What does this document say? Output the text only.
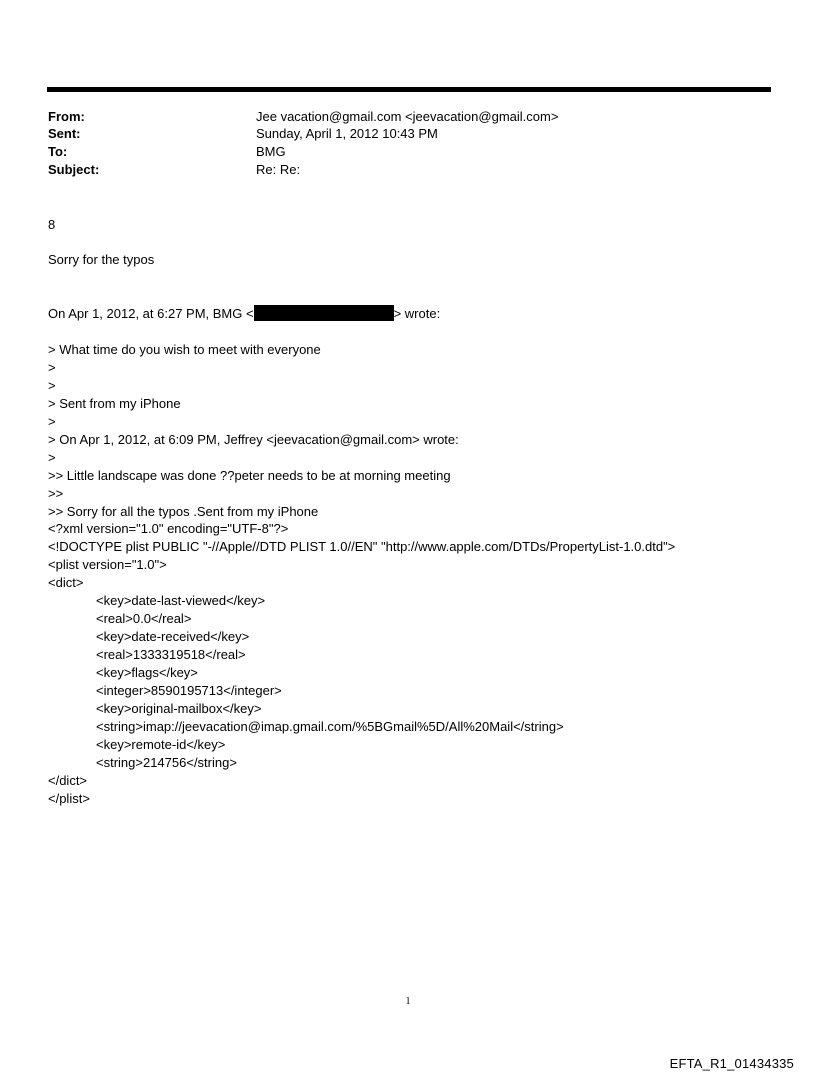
From:	Jee vacation@gmail.com <jeevacation@gmail.com>
Sent:	Sunday, April 1, 2012 10:43 PM
To:	BMG
Subject:	Re: Re:
8
Sorry for the typos
On Apr 1, 2012, at 6:27 PM, BMG <	> wrote:
> What time do you wish to meet with everyone
>
>
> Sent from my iPhone
>
> On Apr 1, 2012, at 6:09 PM, Jeffrey <jeevacation@gmail.com> wrote:
>
>> Little landscape was done ??peter needs to be at morning meeting
>>
>> Sorry for all the typos .Sent from my iPhone
<?xml version="1.0" encoding="UTF-8"?>
<!DOCTYPE plist PUBLIC "-//Apple//DTD PLIST 1.0//EN" "http://www.apple.com/DTDs/PropertyList-1.0.dtd">
<plist version="1.0">
<dict>
<key>date-last-viewed</key>
<real>0.0</real>
<key>date-received</key>
<real>1333319518</real>
<key>flags</key>
<integer>8590195713</integer>
<key>original-mailbox</key>
<string>imap://jeevacation@imap.gmail.com/%5BGmail%5D/All%20Mail</string>
<key>remote-id</key>
<string>214756</string>
</dict>
</plist>
1
EFTA_R1_01434335
